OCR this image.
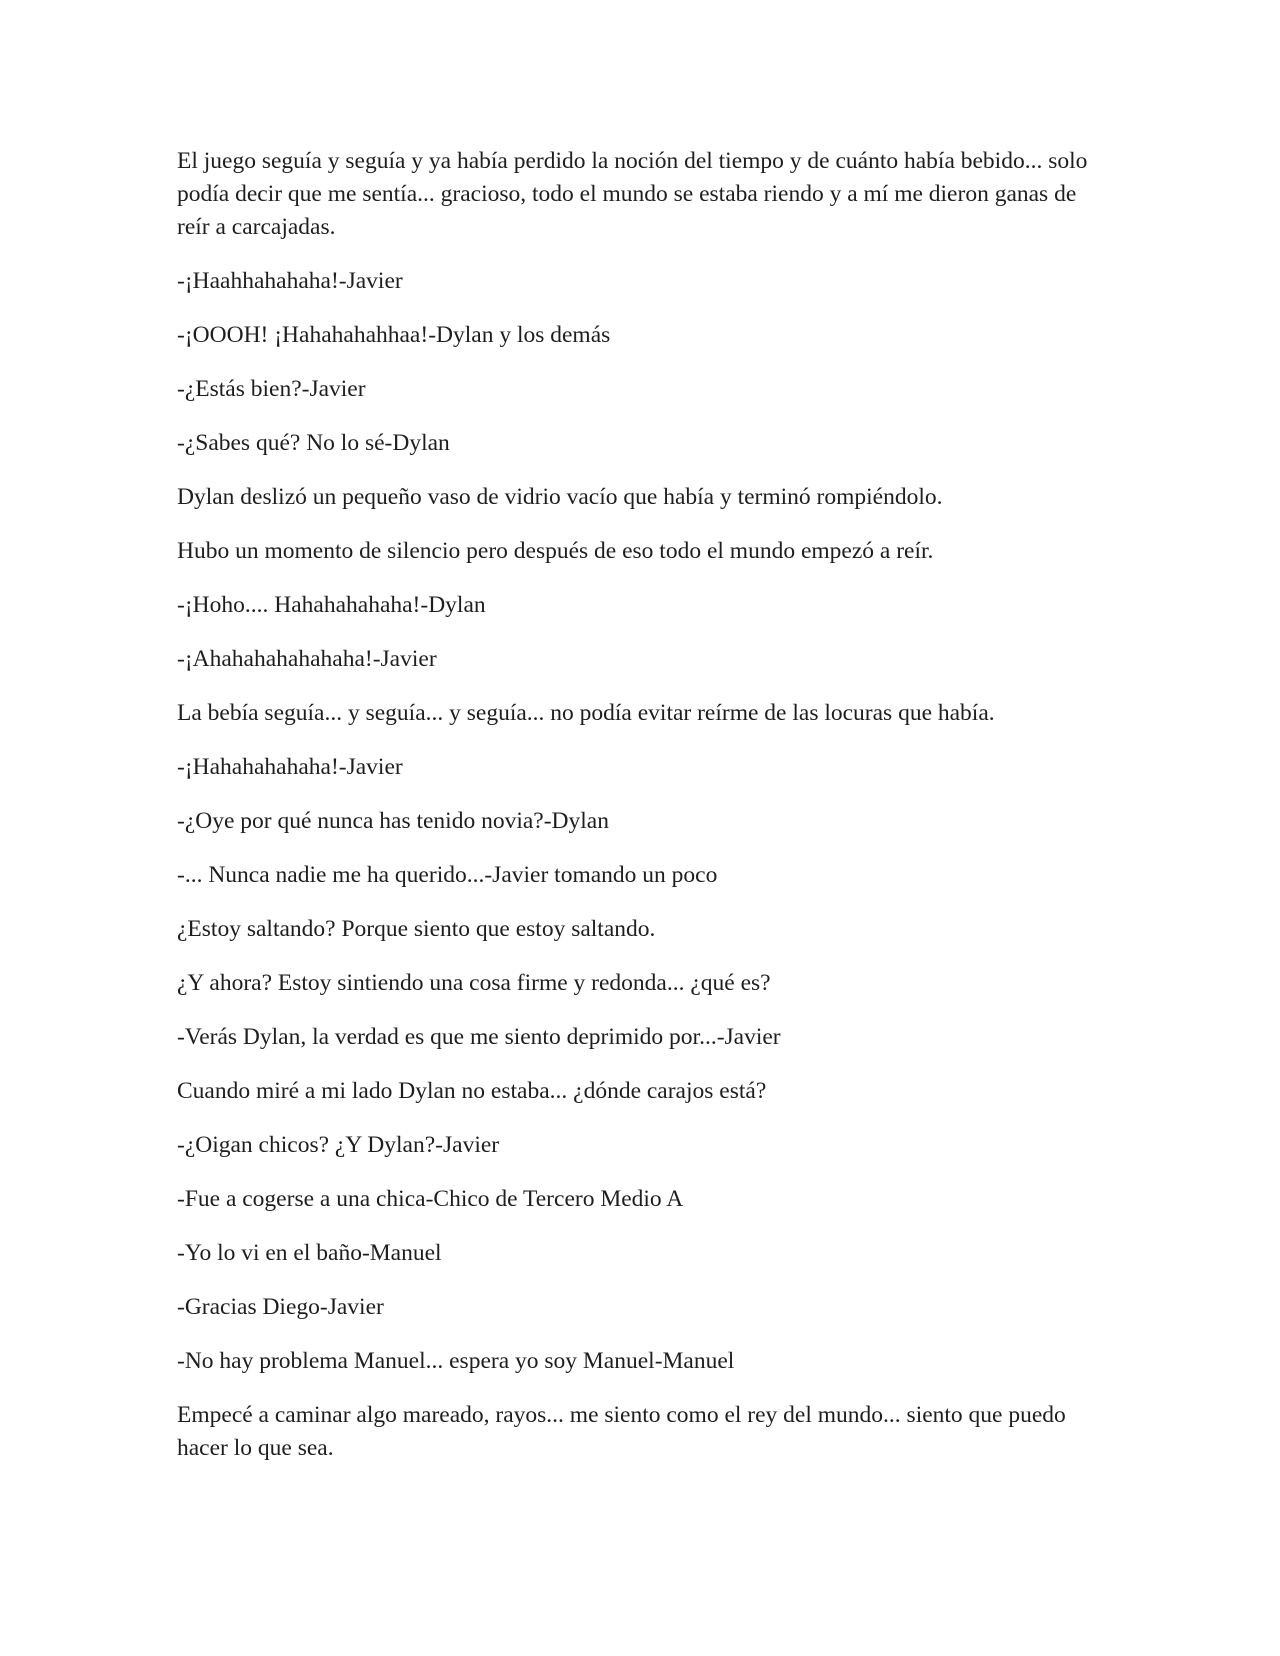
El juego seguía y seguía y ya había perdido la noción del tiempo y de cuánto había bebido... solo podía decir que me sentía... gracioso, todo el mundo se estaba riendo y a mí me dieron ganas de reír a carcajadas.

-¡Haahhahahaha!-Javier

-¡OOOH! ¡Hahahahahhaa!-Dylan y los demás

-¿Estás bien?-Javier

-¿Sabes qué? No lo sé-Dylan

Dylan deslizó un pequeño vaso de vidrio vacío que había y terminó rompiéndolo.

Hubo un momento de silencio pero después de eso todo el mundo empezó a reír.

-¡Hoho.... Hahahahahaha!-Dylan

-¡Ahahahahahahaha!-Javier

La bebía seguía... y seguía... y seguía... no podía evitar reírme de las locuras que había.

-¡Hahahahahaha!-Javier

-¿Oye por qué nunca has tenido novia?-Dylan

-... Nunca nadie me ha querido...-Javier tomando un poco

¿Estoy saltando? Porque siento que estoy saltando.

¿Y ahora? Estoy sintiendo una cosa firme y redonda... ¿qué es?

-Verás Dylan, la verdad es que me siento deprimido por...-Javier

Cuando miré a mi lado Dylan no estaba... ¿dónde carajos está?

-¿Oigan chicos? ¿Y Dylan?-Javier

-Fue a cogerse a una chica-Chico de Tercero Medio A

-Yo lo vi en el baño-Manuel

-Gracias Diego-Javier

-No hay problema Manuel... espera yo soy Manuel-Manuel

Empecé a caminar algo mareado, rayos... me siento como el rey del mundo... siento que puedo hacer lo que sea.
